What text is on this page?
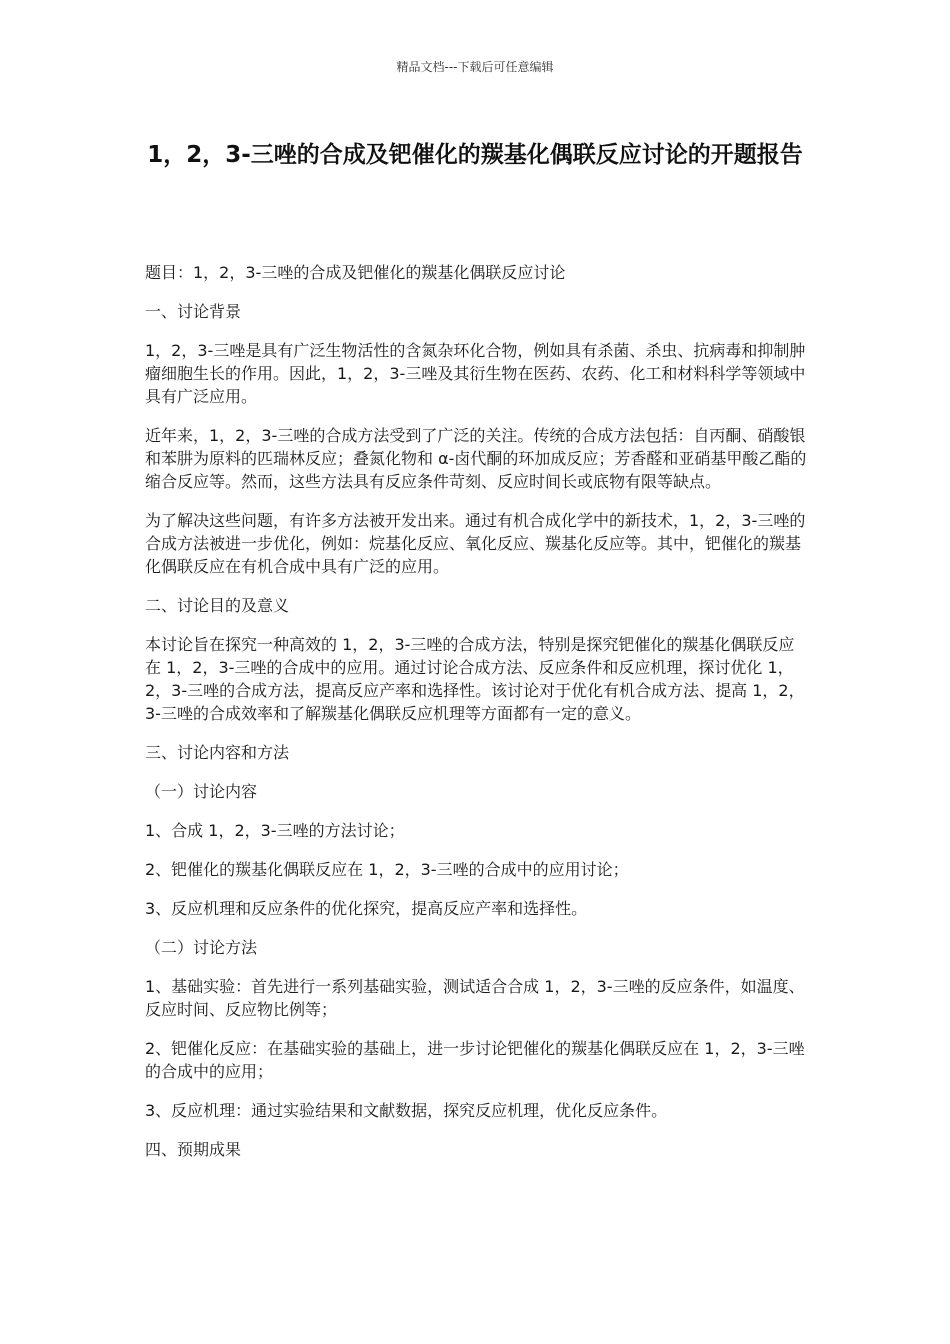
精品文档---下载后可任意编辑
1，2，3-三唑的合成及钯催化的羰基化偶联反应讨论的开题报告

题目：1，2，3-三唑的合成及钯催化的羰基化偶联反应讨论

一、讨论背景

1，2，3-三唑是具有广泛生物活性的含氮杂环化合物，例如具有杀菌、杀虫、抗病毒和抑制肿瘤细胞生长的作用。因此，1，2，3-三唑及其衍生物在医药、农药、化工和材料科学等领域中具有广泛应用。

近年来，1，2，3-三唑的合成方法受到了广泛的关注。传统的合成方法包括：自丙酮、硝酸银和苯肼为原料的匹瑞林反应；叠氮化物和 α-卤代酮的环加成反应；芳香醛和亚硝基甲酸乙酯的缩合反应等。然而，这些方法具有反应条件苛刻、反应时间长或底物有限等缺点。

为了解决这些问题，有许多方法被开发出来。通过有机合成化学中的新技术，1，2，3-三唑的合成方法被进一步优化，例如：烷基化反应、氧化反应、羰基化反应等。其中，钯催化的羰基化偶联反应在有机合成中具有广泛的应用。

二、讨论目的及意义

本讨论旨在探究一种高效的 1，2，3-三唑的合成方法，特别是探究钯催化的羰基化偶联反应在 1，2，3-三唑的合成中的应用。通过讨论合成方法、反应条件和反应机理，探讨优化 1，2，3-三唑的合成方法，提高反应产率和选择性。该讨论对于优化有机合成方法、提高 1，2，3-三唑的合成效率和了解羰基化偶联反应机理等方面都有一定的意义。

三、讨论内容和方法

（一）讨论内容

1、合成 1，2，3-三唑的方法讨论；

2、钯催化的羰基化偶联反应在 1，2，3-三唑的合成中的应用讨论；

3、反应机理和反应条件的优化探究，提高反应产率和选择性。

（二）讨论方法

1、基础实验：首先进行一系列基础实验，测试适合合成 1，2，3-三唑的反应条件，如温度、反应时间、反应物比例等；

2、钯催化反应：在基础实验的基础上，进一步讨论钯催化的羰基化偶联反应在 1，2，3-三唑的合成中的应用；

3、反应机理：通过实验结果和文献数据，探究反应机理，优化反应条件。

四、预期成果
